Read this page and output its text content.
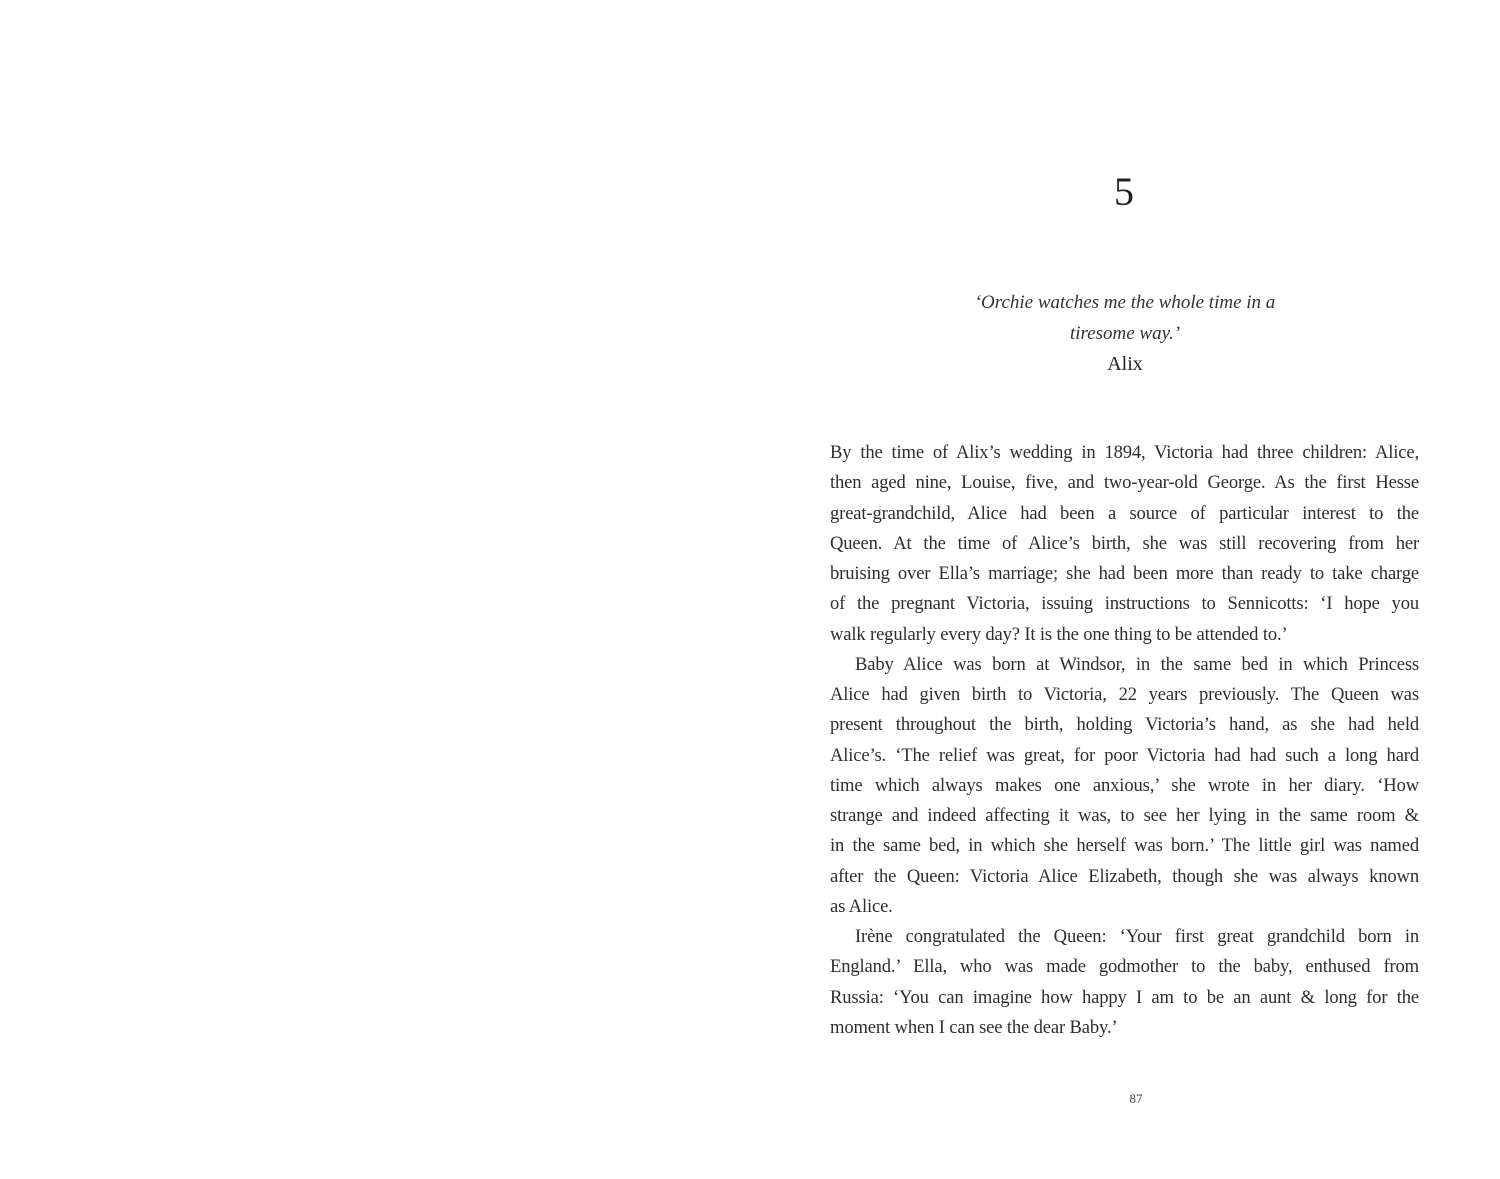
5
‘Orchie watches me the whole time in a
tiresome way.’
Alix
By the time of Alix’s wedding in 1894, Victoria had three children: Alice,
then aged nine, Louise, five, and two-year-old George. As the first Hesse
great-grandchild, Alice had been a source of particular interest to the
Queen. At the time of Alice’s birth, she was still recovering from her
bruising over Ella’s marriage; she had been more than ready to take charge
of the pregnant Victoria, issuing instructions to Sennicotts: ‘I hope you
walk regularly every day? It is the one thing to be attended to.’
Baby Alice was born at Windsor, in the same bed in which Princess
Alice had given birth to Victoria, 22 years previously. The Queen was
present throughout the birth, holding Victoria’s hand, as she had held
Alice’s. ‘The relief was great, for poor Victoria had had such a long hard
time which always makes one anxious,’ she wrote in her diary. ‘How
strange and indeed affecting it was, to see her lying in the same room &
in the same bed, in which she herself was born.’ The little girl was named
after the Queen: Victoria Alice Elizabeth, though she was always known
as Alice.
Irène congratulated the Queen: ‘Your first great grandchild born in
England.’ Ella, who was made godmother to the baby, enthused from
Russia: ‘You can imagine how happy I am to be an aunt & long for the
moment when I can see the dear Baby.’
87
